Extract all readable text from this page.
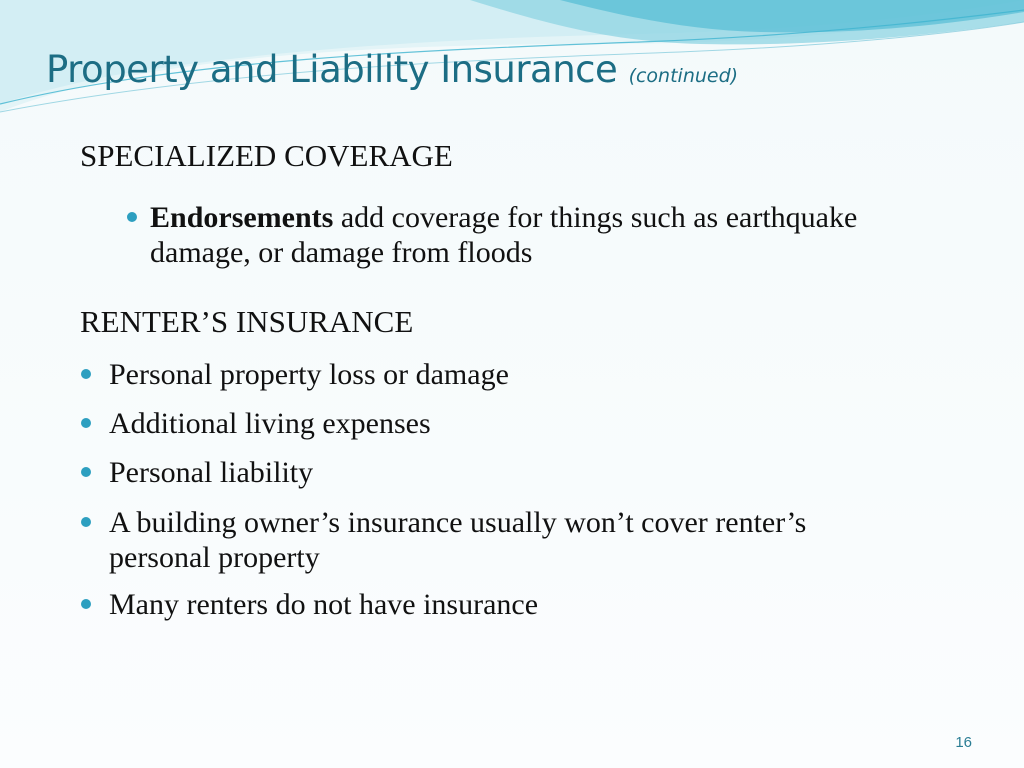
Property and Liability Insurance (continued)
SPECIALIZED COVERAGE
Endorsements add coverage for things such as earthquake damage, or damage from floods
RENTER’S INSURANCE
Personal property loss or damage
Additional living expenses
Personal liability
A building owner’s insurance usually won’t cover renter’s personal property
Many renters do not have insurance
16
